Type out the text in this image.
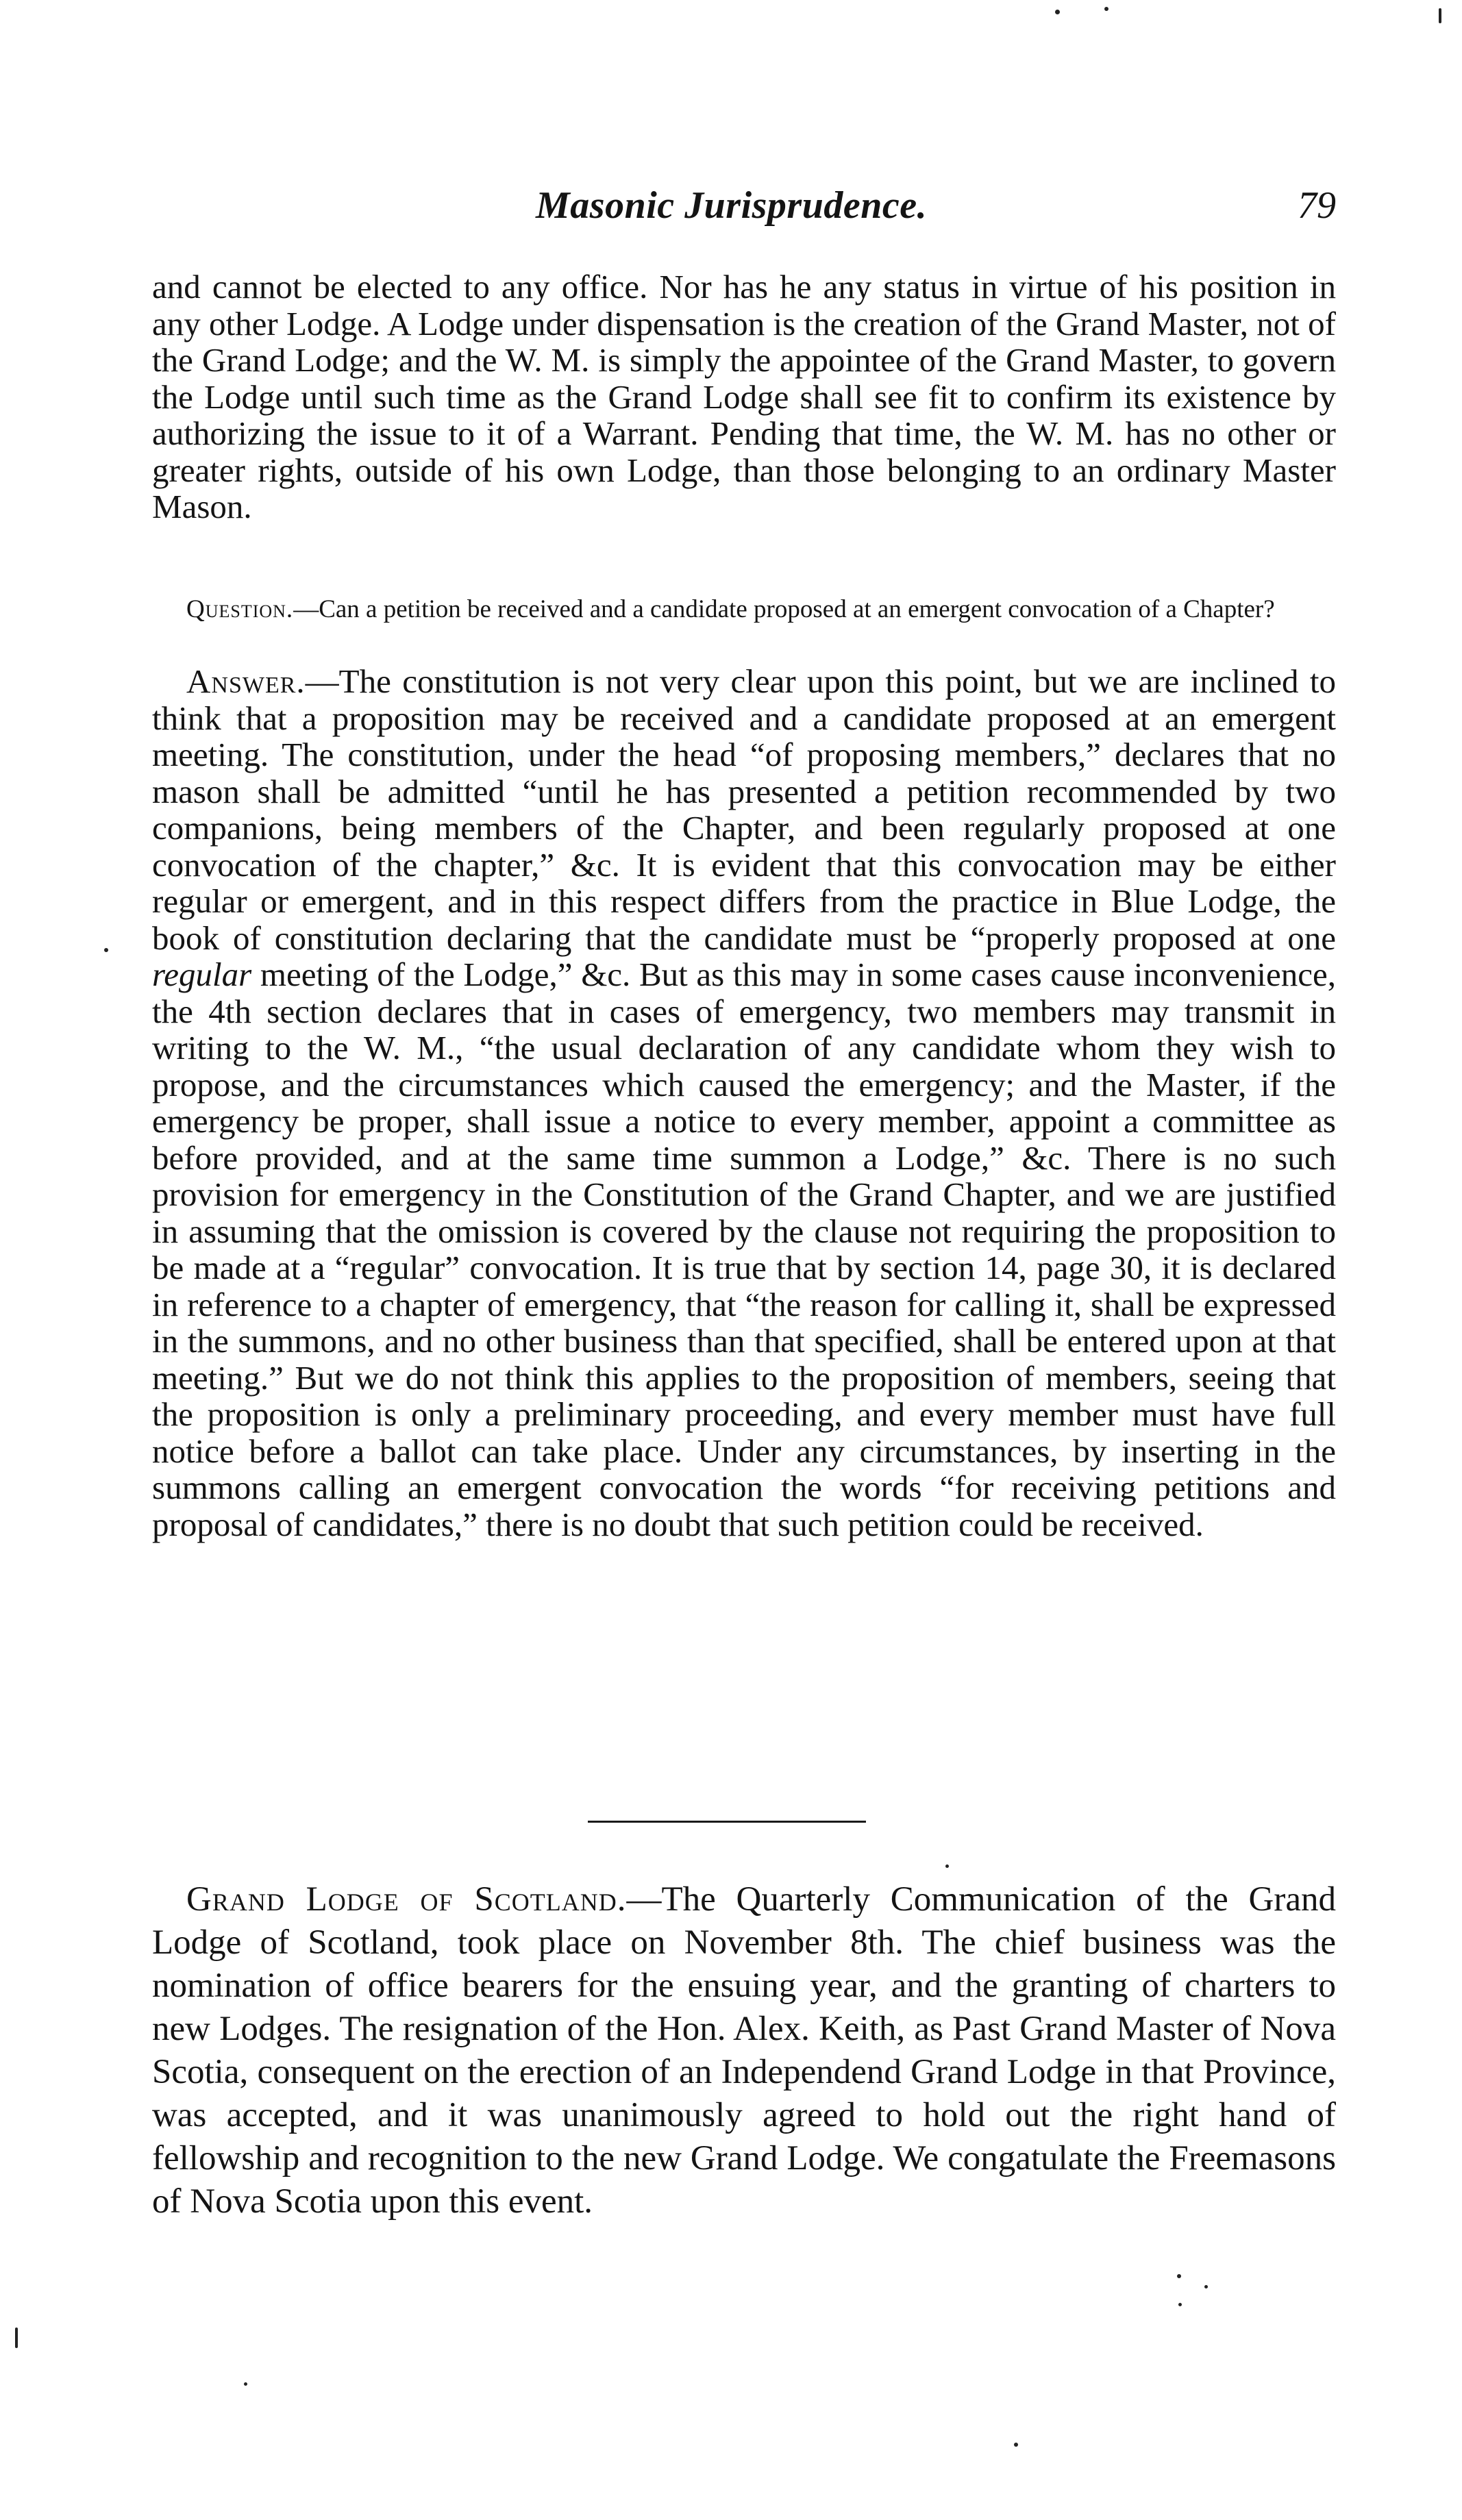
Masonic Jurisprudence.	79

and cannot be elected to any office. Nor has he any status in virtue of his position in any other Lodge. A Lodge under dispensation is the creation of the Grand Master, not of the Grand Lodge; and the W. M. is simply the appointee of the Grand Master, to govern the Lodge until such time as the Grand Lodge shall see fit to confirm its existence by authorizing the issue to it of a Warrant. Pending that time, the W. M. has no other or greater rights, outside of his own Lodge, than those belonging to an ordinary Master Mason.

Question.—Can a petition be received and a candidate proposed at an emergent convocation of a Chapter?

Answer.—The constitution is not very clear upon this point, but we are inclined to think that a proposition may be received and a candidate proposed at an emergent meeting. The constitution, under the head “of proposing members,” declares that no mason shall be admitted “until he has presented a petition recommended by two companions, being members of the Chapter, and been regularly proposed at one convocation of the chapter,” &c. It is evident that this convocation may be either regular or emergent, and in this respect differs from the practice in Blue Lodge, the book of constitution declaring that the candidate must be “properly proposed at one regular meeting of the Lodge,” &c. But as this may in some cases cause inconvenience, the 4th section declares that in cases of emergency, two members may transmit in writing to the W. M., “the usual declaration of any candidate whom they wish to propose, and the circumstances which caused the emergency; and the Master, if the emergency be proper, shall issue a notice to every member, appoint a committee as before provided, and at the same time summon a Lodge,” &c. There is no such provision for emergency in the Constitution of the Grand Chapter, and we are justified in assuming that the omission is covered by the clause not requiring the proposition to be made at a “regular” convocation. It is true that by section 14, page 30, it is declared in reference to a chapter of emergency, that “the reason for calling it, shall be expressed in the summons, and no other business than that specified, shall be entered upon at that meeting.” But we do not think this applies to the proposition of members, seeing that the proposition is only a preliminary proceeding, and every member must have full notice before a ballot can take place. Under any circumstances, by inserting in the summons calling an emergent convocation the words “for receiving petitions and proposal of candidates,” there is no doubt that such petition could be received.

Grand Lodge of Scotland.—The Quarterly Communication of the Grand Lodge of Scotland, took place on November 8th. The chief business was the nomination of office bearers for the ensuing year, and the granting of charters to new Lodges. The resignation of the Hon. Alex. Keith, as Past Grand Master of Nova Scotia, consequent on the erection of an Independend Grand Lodge in that Province, was accepted, and it was unanimously agreed to hold out the right hand of fellowship and recognition to the new Grand Lodge. We congatulate the Freemasons of Nova Scotia upon this event.
